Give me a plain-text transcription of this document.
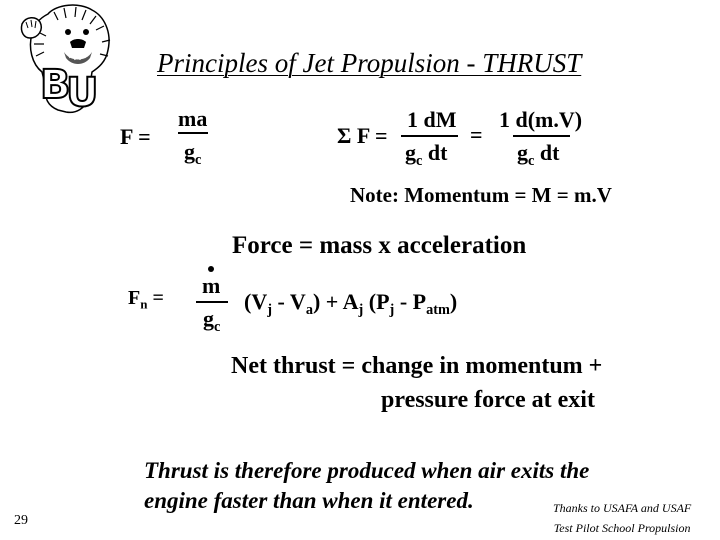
B
U
Principles of Jet Propulsion - THRUST
F =
ma
$g_c$
Σ F =
1 dM
$g_c$ dt
=
1 d(m.V)
$g_c$ dt
Note: Momentum = M = m.V
Force = mass x acceleration
$F_n = m$
$g_c$
$(V_j - V_a) + A_j$ $(P_j - P_{atm})$
Net thrust = change in momentum +
pressure force at exit
Thrust is therefore produced when air exits the engine faster than when it entered.
29
Thanks to USAFA and USAF
Test Pilot School Propulsion
